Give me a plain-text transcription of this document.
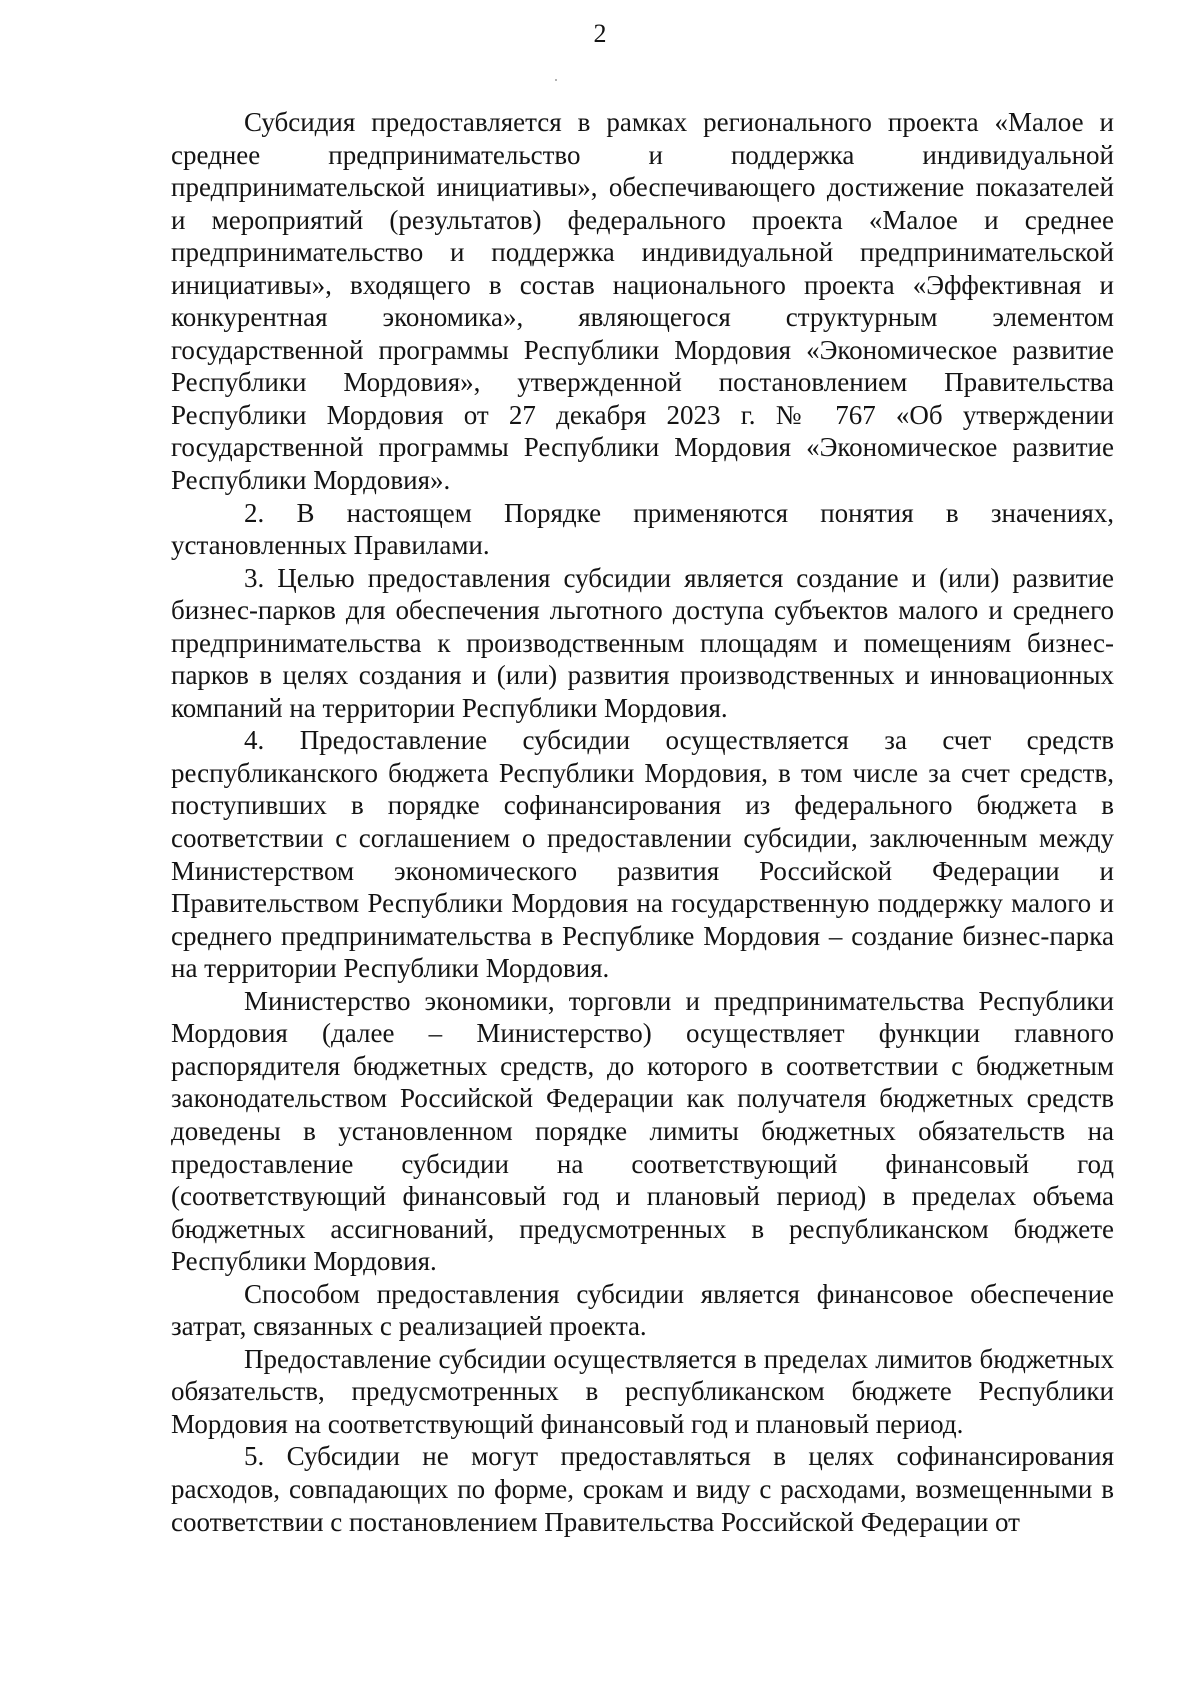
2

Субсидия предоставляется в рамках регионального проекта «Малое и среднее предпринимательство и поддержка индивидуальной предпринимательской инициативы», обеспечивающего достижение показателей и мероприятий (результатов) федерального проекта «Малое и среднее предпринимательство и поддержка индивидуальной предпринимательской инициативы», входящего в состав национального проекта «Эффективная и конкурентная экономика», являющегося структурным элементом государственной программы Республики Мордовия «Экономическое развитие Республики Мордовия», утвержденной постановлением Правительства Республики Мордовия от 27 декабря 2023 г. № 767 «Об утверждении государственной программы Республики Мордовия «Экономическое развитие Республики Мордовия».

2. В настоящем Порядке применяются понятия в значениях, установленных Правилами.

3. Целью предоставления субсидии является создание и (или) развитие бизнес-парков для обеспечения льготного доступа субъектов малого и среднего предпринимательства к производственным площадям и помещениям бизнес-парков в целях создания и (или) развития производственных и инновационных компаний на территории Республики Мордовия.

4. Предоставление субсидии осуществляется за счет средств республиканского бюджета Республики Мордовия, в том числе за счет средств, поступивших в порядке софинансирования из федерального бюджета в соответствии с соглашением о предоставлении субсидии, заключенным между Министерством экономического развития Российской Федерации и Правительством Республики Мордовия на государственную поддержку малого и среднего предпринимательства в Республике Мордовия – создание бизнес-парка на территории Республики Мордовия.

Министерство экономики, торговли и предпринимательства Республики Мордовия (далее – Министерство) осуществляет функции главного распорядителя бюджетных средств, до которого в соответствии с бюджетным законодательством Российской Федерации как получателя бюджетных средств доведены в установленном порядке лимиты бюджетных обязательств на предоставление субсидии на соответствующий финансовый год (соответствующий финансовый год и плановый период) в пределах объема бюджетных ассигнований, предусмотренных в республиканском бюджете Республики Мордовия.

Способом предоставления субсидии является финансовое обеспечение затрат, связанных с реализацией проекта.

Предоставление субсидии осуществляется в пределах лимитов бюджетных обязательств, предусмотренных в республиканском бюджете Республики Мордовия на соответствующий финансовый год и плановый период.

5. Субсидии не могут предоставляться в целях софинансирования расходов, совпадающих по форме, срокам и виду с расходами, возмещенными в соответствии с постановлением Правительства Российской Федерации от
